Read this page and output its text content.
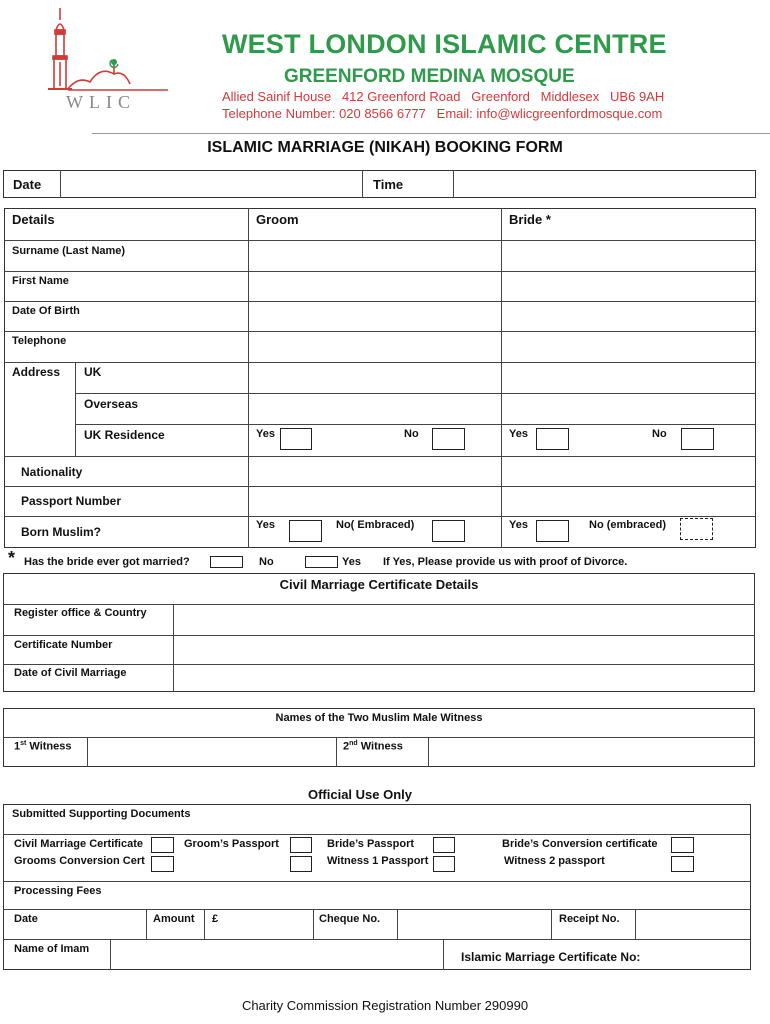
WLIC
WEST LONDON ISLAMIC CENTRE
GREENFORD MEDINA MOSQUE
Allied Sainif House   412 Greenford Road   Greenford   Middlesex   UB6 9AH
Telephone Number: 020 8566 6777   Email: info@wlicgreenfordmosque.com
ISLAMIC MARRIAGE (NIKAH) BOOKING FORM
Date	Time
Details	Groom	Bride *
Surname (Last Name)
First Name
Date Of Birth
Telephone
Address UK
Overseas
UK Residence	Yes	No	Yes	No
Nationality
Passport Number
Born Muslim?	Yes	No( Embraced)	Yes	No (embraced)
* Has the bride ever got married?	No	Yes If Yes, Please provide us with proof of Divorce.
Civil Marriage Certificate Details
Register office & Country
Certificate Number
Date of Civil Marriage
Names of the Two Muslim Male Witness
1st Witness	2nd Witness
Official Use Only
Submitted Supporting Documents
Civil Marriage Certificate	Groom’s Passport	Bride’s Passport	Bride’s Conversion certificate
Grooms Conversion Cert	Witness 1 Passport	Witness 2 passport
Processing Fees
Date	Amount £	Cheque No.	Receipt No.
Name of Imam
Islamic Marriage Certificate No:
Charity Commission Registration Number 290990
